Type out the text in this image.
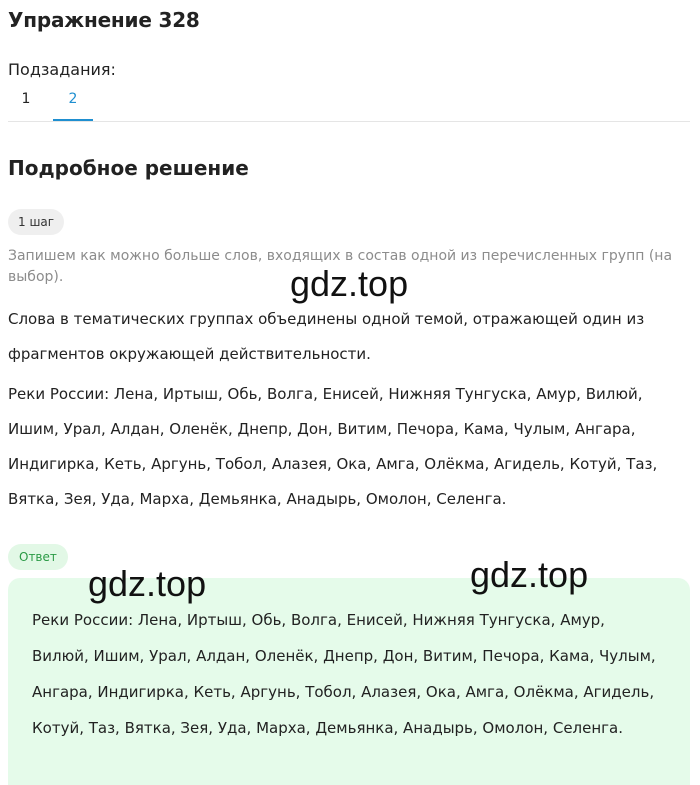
Упражнение 328
Подзадания:
1	2
Подробное решение
1 шаг
Запишем как можно больше слов, входящих в состав одной из перечисленных групп (на выбор).
Слова в тематических группах объединены одной темой, отражающей один из фрагментов окружающей действительности.
Реки России: Лена, Иртыш, Обь, Волга, Енисей, Нижняя Тунгуска, Амур, Вилюй, Ишим, Урал, Алдан, Оленёк, Днепр, Дон, Витим, Печора, Кама, Чулым, Ангара, Индигирка, Кеть, Аргунь, Тобол, Алазея, Ока, Амга, Олёкма, Агидель, Котуй, Таз, Вятка, Зея, Уда, Марха, Демьянка, Анадырь, Омолон, Селенга.
Ответ
Реки России: Лена, Иртыш, Обь, Волга, Енисей, Нижняя Тунгуска, Амур, Вилюй, Ишим, Урал, Алдан, Оленёк, Днепр, Дон, Витим, Печора, Кама, Чулым, Ангара, Индигирка, Кеть, Аргунь, Тобол, Алазея, Ока, Амга, Олёкма, Агидель, Котуй, Таз, Вятка, Зея, Уда, Марха, Демьянка, Анадырь, Омолон, Селенга.
gdz.top
gdz.top	gdz.top
